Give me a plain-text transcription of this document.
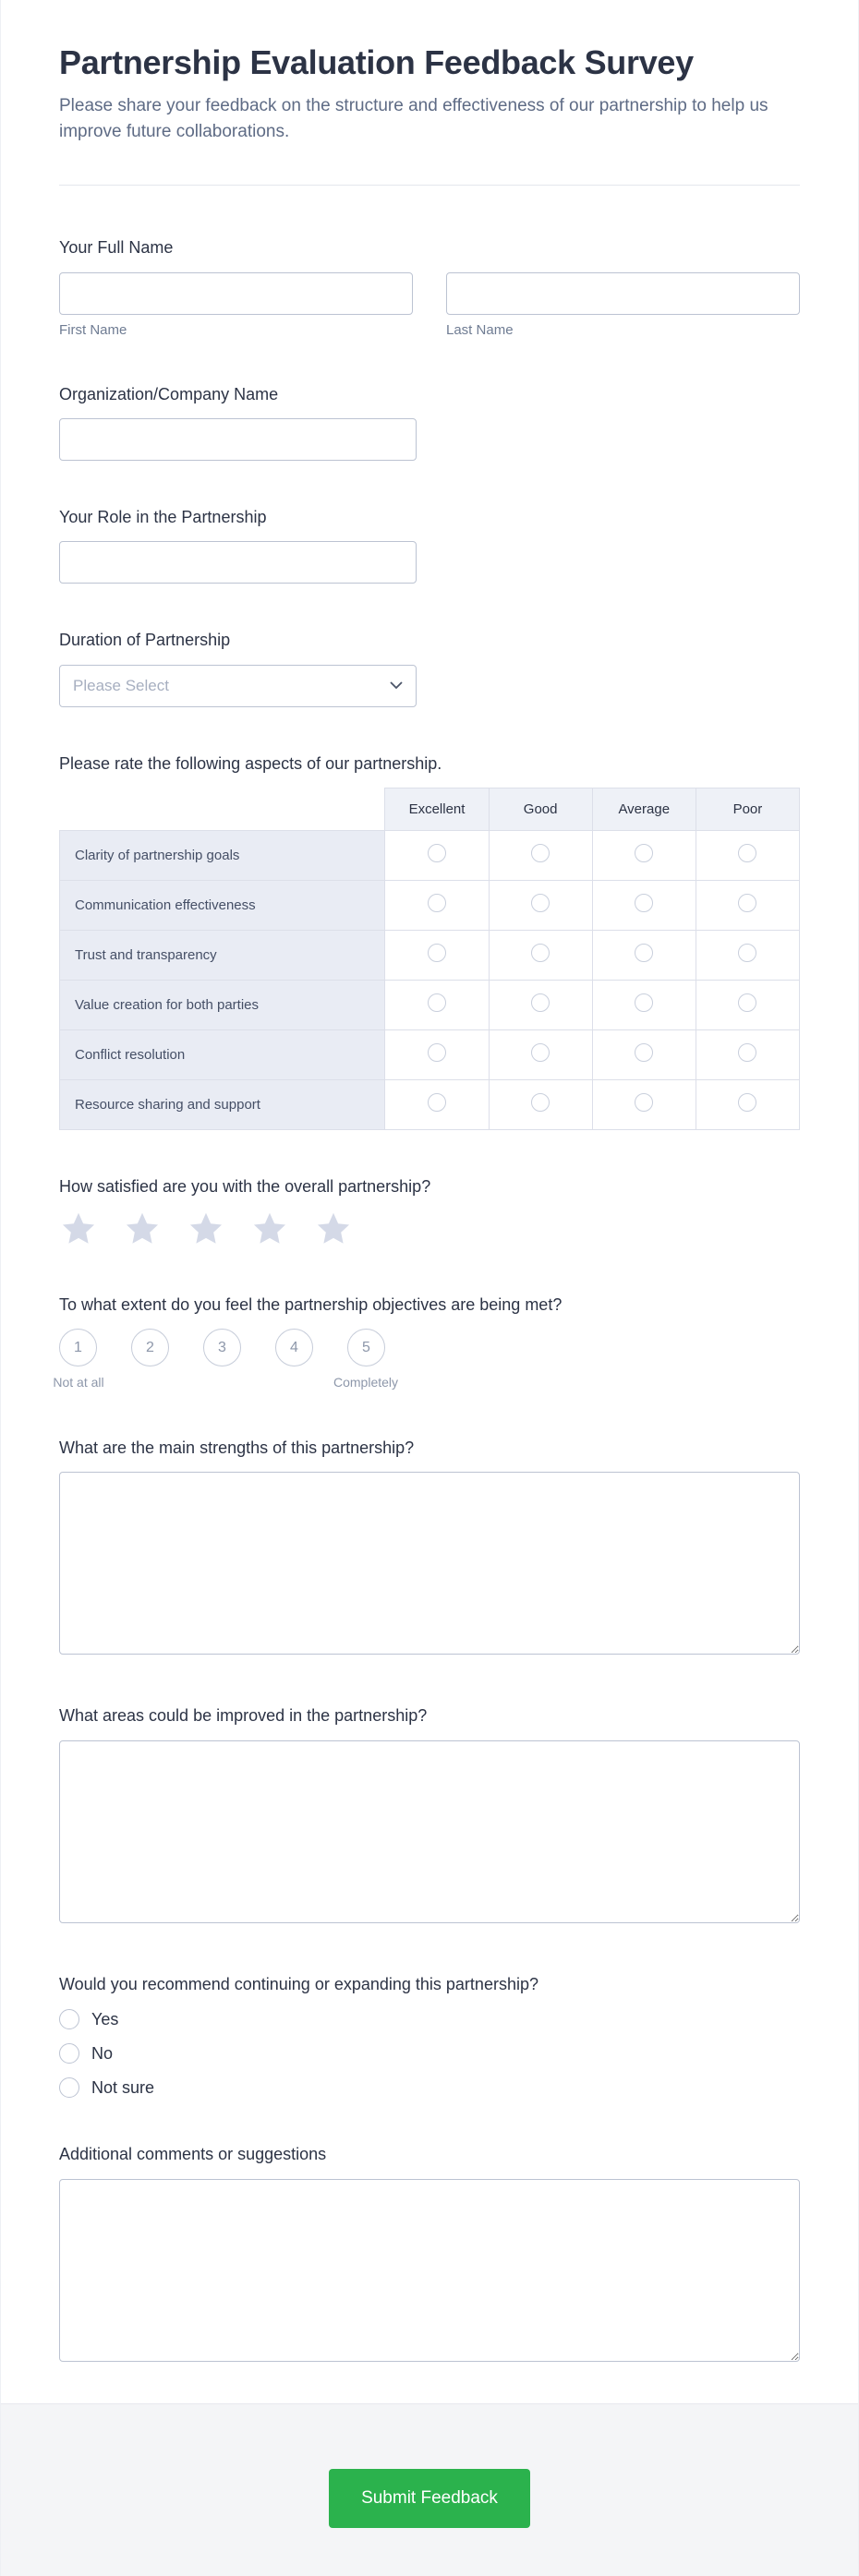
Partnership Evaluation Feedback Survey

Please share your feedback on the structure and effectiveness of our partnership to help us improve future collaborations.

Your Full Name
First Name	Last Name
Organization/Company Name
Your Role in the Partnership
Duration of Partnership
Please Select
Please rate the following aspects of our partnership.
	Excellent	Good	Average	Poor
Clarity of partnership goals				
Communication effectiveness				
Trust and transparency				
Value creation for both parties				
Conflict resolution				
Resource sharing and support				
How satisfied are you with the overall partnership?
To what extent do you feel the partnership objectives are being met?
1	2	3	4	5
Not at all	Completely
What are the main strengths of this partnership?
What areas could be improved in the partnership?
Would you recommend continuing or expanding this partnership?
Yes
No
Not sure
Additional comments or suggestions
Submit Feedback
